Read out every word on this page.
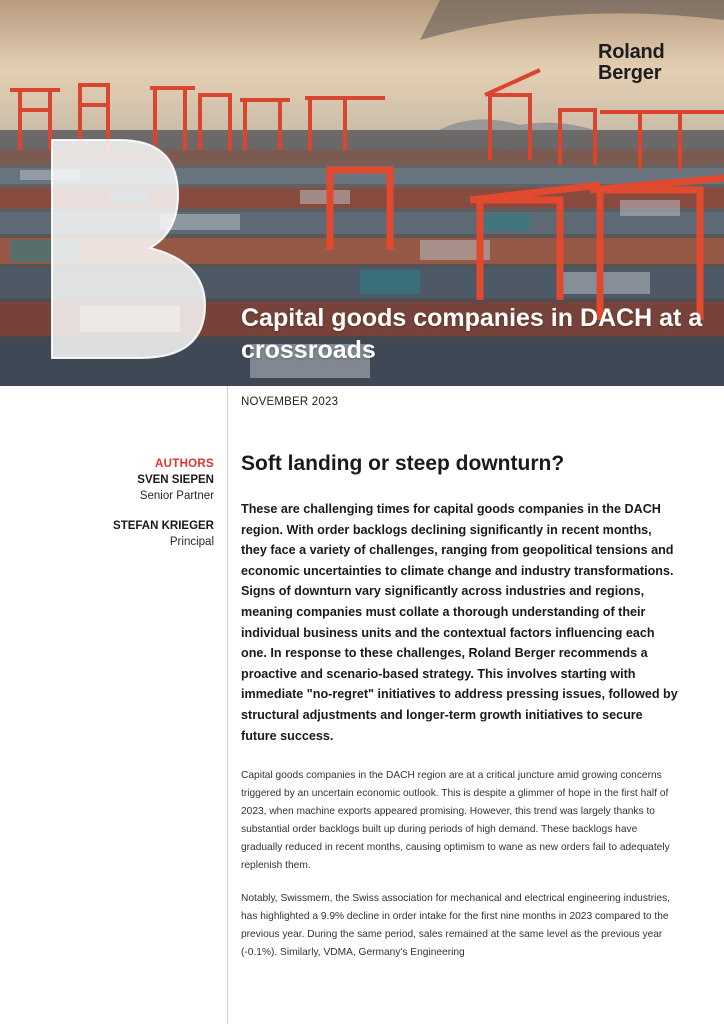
Roland
Berger
Capital goods companies in DACH at a crossroads
NOVEMBER 2023
AUTHORS
SVEN SIEPEN
Senior Partner
STEFAN KRIEGER
Principal
Soft landing or steep downturn?

These are challenging times for capital goods companies in the DACH region. With order backlogs declining significantly in recent months, they face a variety of challenges, ranging from geopolitical tensions and economic uncertainties to climate change and industry transformations. Signs of downturn vary significantly across industries and regions, meaning companies must collate a thorough understanding of their individual business units and the contextual factors influencing each one. In response to these challenges, Roland Berger recommends a proactive and scenario-based strategy. This involves starting with immediate "no-regret" initiatives to address pressing issues, followed by structural adjustments and longer-term growth initiatives to secure future success.

Capital goods companies in the DACH region are at a critical juncture amid growing concerns triggered by an uncertain economic outlook. This is despite a glimmer of hope in the first half of 2023, when machine exports appeared promising. However, this trend was largely thanks to substantial order backlogs built up during periods of high demand. These backlogs have gradually reduced in recent months, causing optimism to wane as new orders fail to adequately replenish them.

Notably, Swissmem, the Swiss association for mechanical and electrical engineering industries, has highlighted a 9.9% decline in order intake for the first nine months in 2023 compared to the previous year. During the same period, sales remained at the same level as the previous year (-0.1%). Similarly, VDMA, Germany's Engineering
